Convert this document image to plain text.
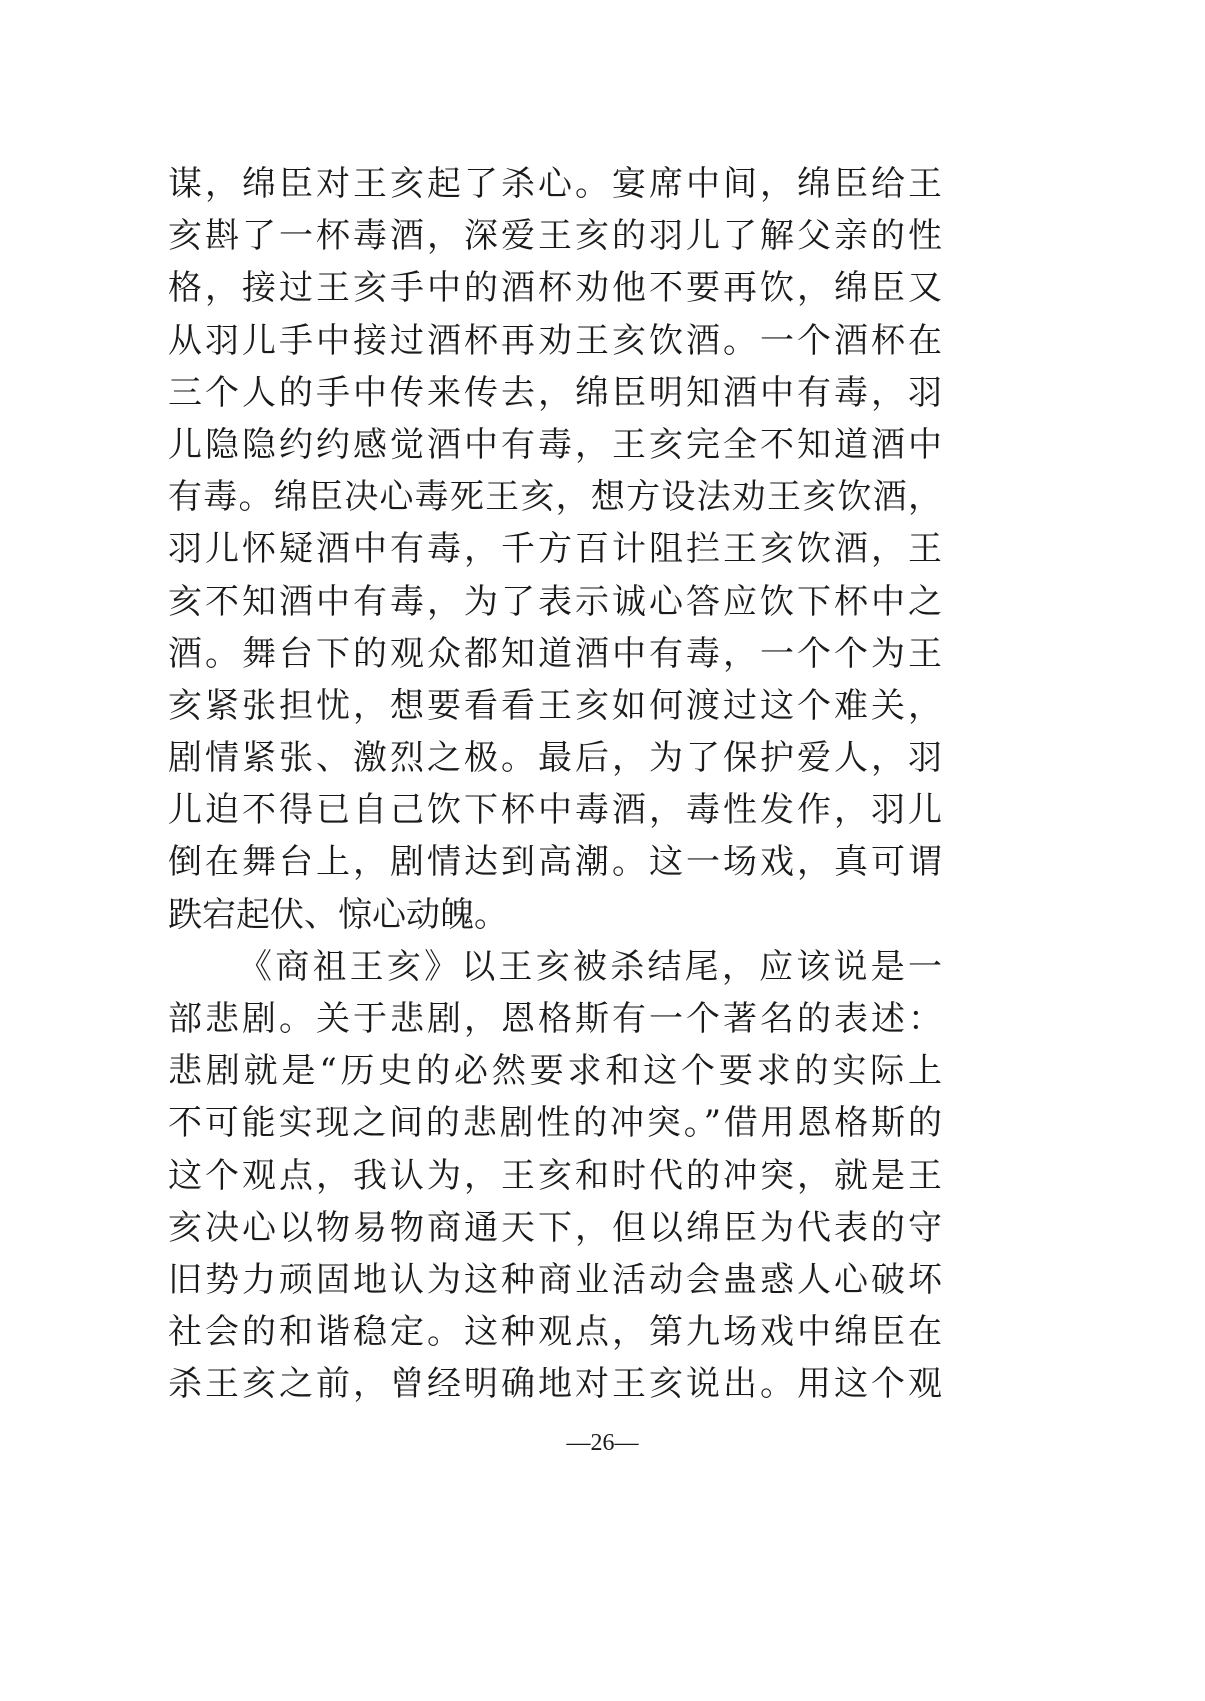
谋，绵臣对王亥起了杀心。宴席中间，绵臣给王
亥斟了一杯毒酒，深爱王亥的羽儿了解父亲的性
格，接过王亥手中的酒杯劝他不要再饮，绵臣又
从羽儿手中接过酒杯再劝王亥饮酒。一个酒杯在
三个人的手中传来传去，绵臣明知酒中有毒，羽
儿隐隐约约感觉酒中有毒，王亥完全不知道酒中
有毒。绵臣决心毒死王亥，想方设法劝王亥饮酒，
羽儿怀疑酒中有毒，千方百计阻拦王亥饮酒，王
亥不知酒中有毒，为了表示诚心答应饮下杯中之
酒。舞台下的观众都知道酒中有毒，一个个为王
亥紧张担忧，想要看看王亥如何渡过这个难关，
剧情紧张、激烈之极。最后，为了保护爱人，羽
儿迫不得已自己饮下杯中毒酒，毒性发作，羽儿
倒在舞台上，剧情达到高潮。这一场戏，真可谓
跌宕起伏、惊心动魄。
《商祖王亥》以王亥被杀结尾，应该说是一
部悲剧。关于悲剧，恩格斯有一个著名的表述：
悲剧就是“历史的必然要求和这个要求的实际上
不可能实现之间的悲剧性的冲突。”借用恩格斯的
这个观点，我认为，王亥和时代的冲突，就是王
亥决心以物易物商通天下，但以绵臣为代表的守
旧势力顽固地认为这种商业活动会蛊惑人心破坏
社会的和谐稳定。这种观点，第九场戏中绵臣在
杀王亥之前，曾经明确地对王亥说出。用这个观
—26—
